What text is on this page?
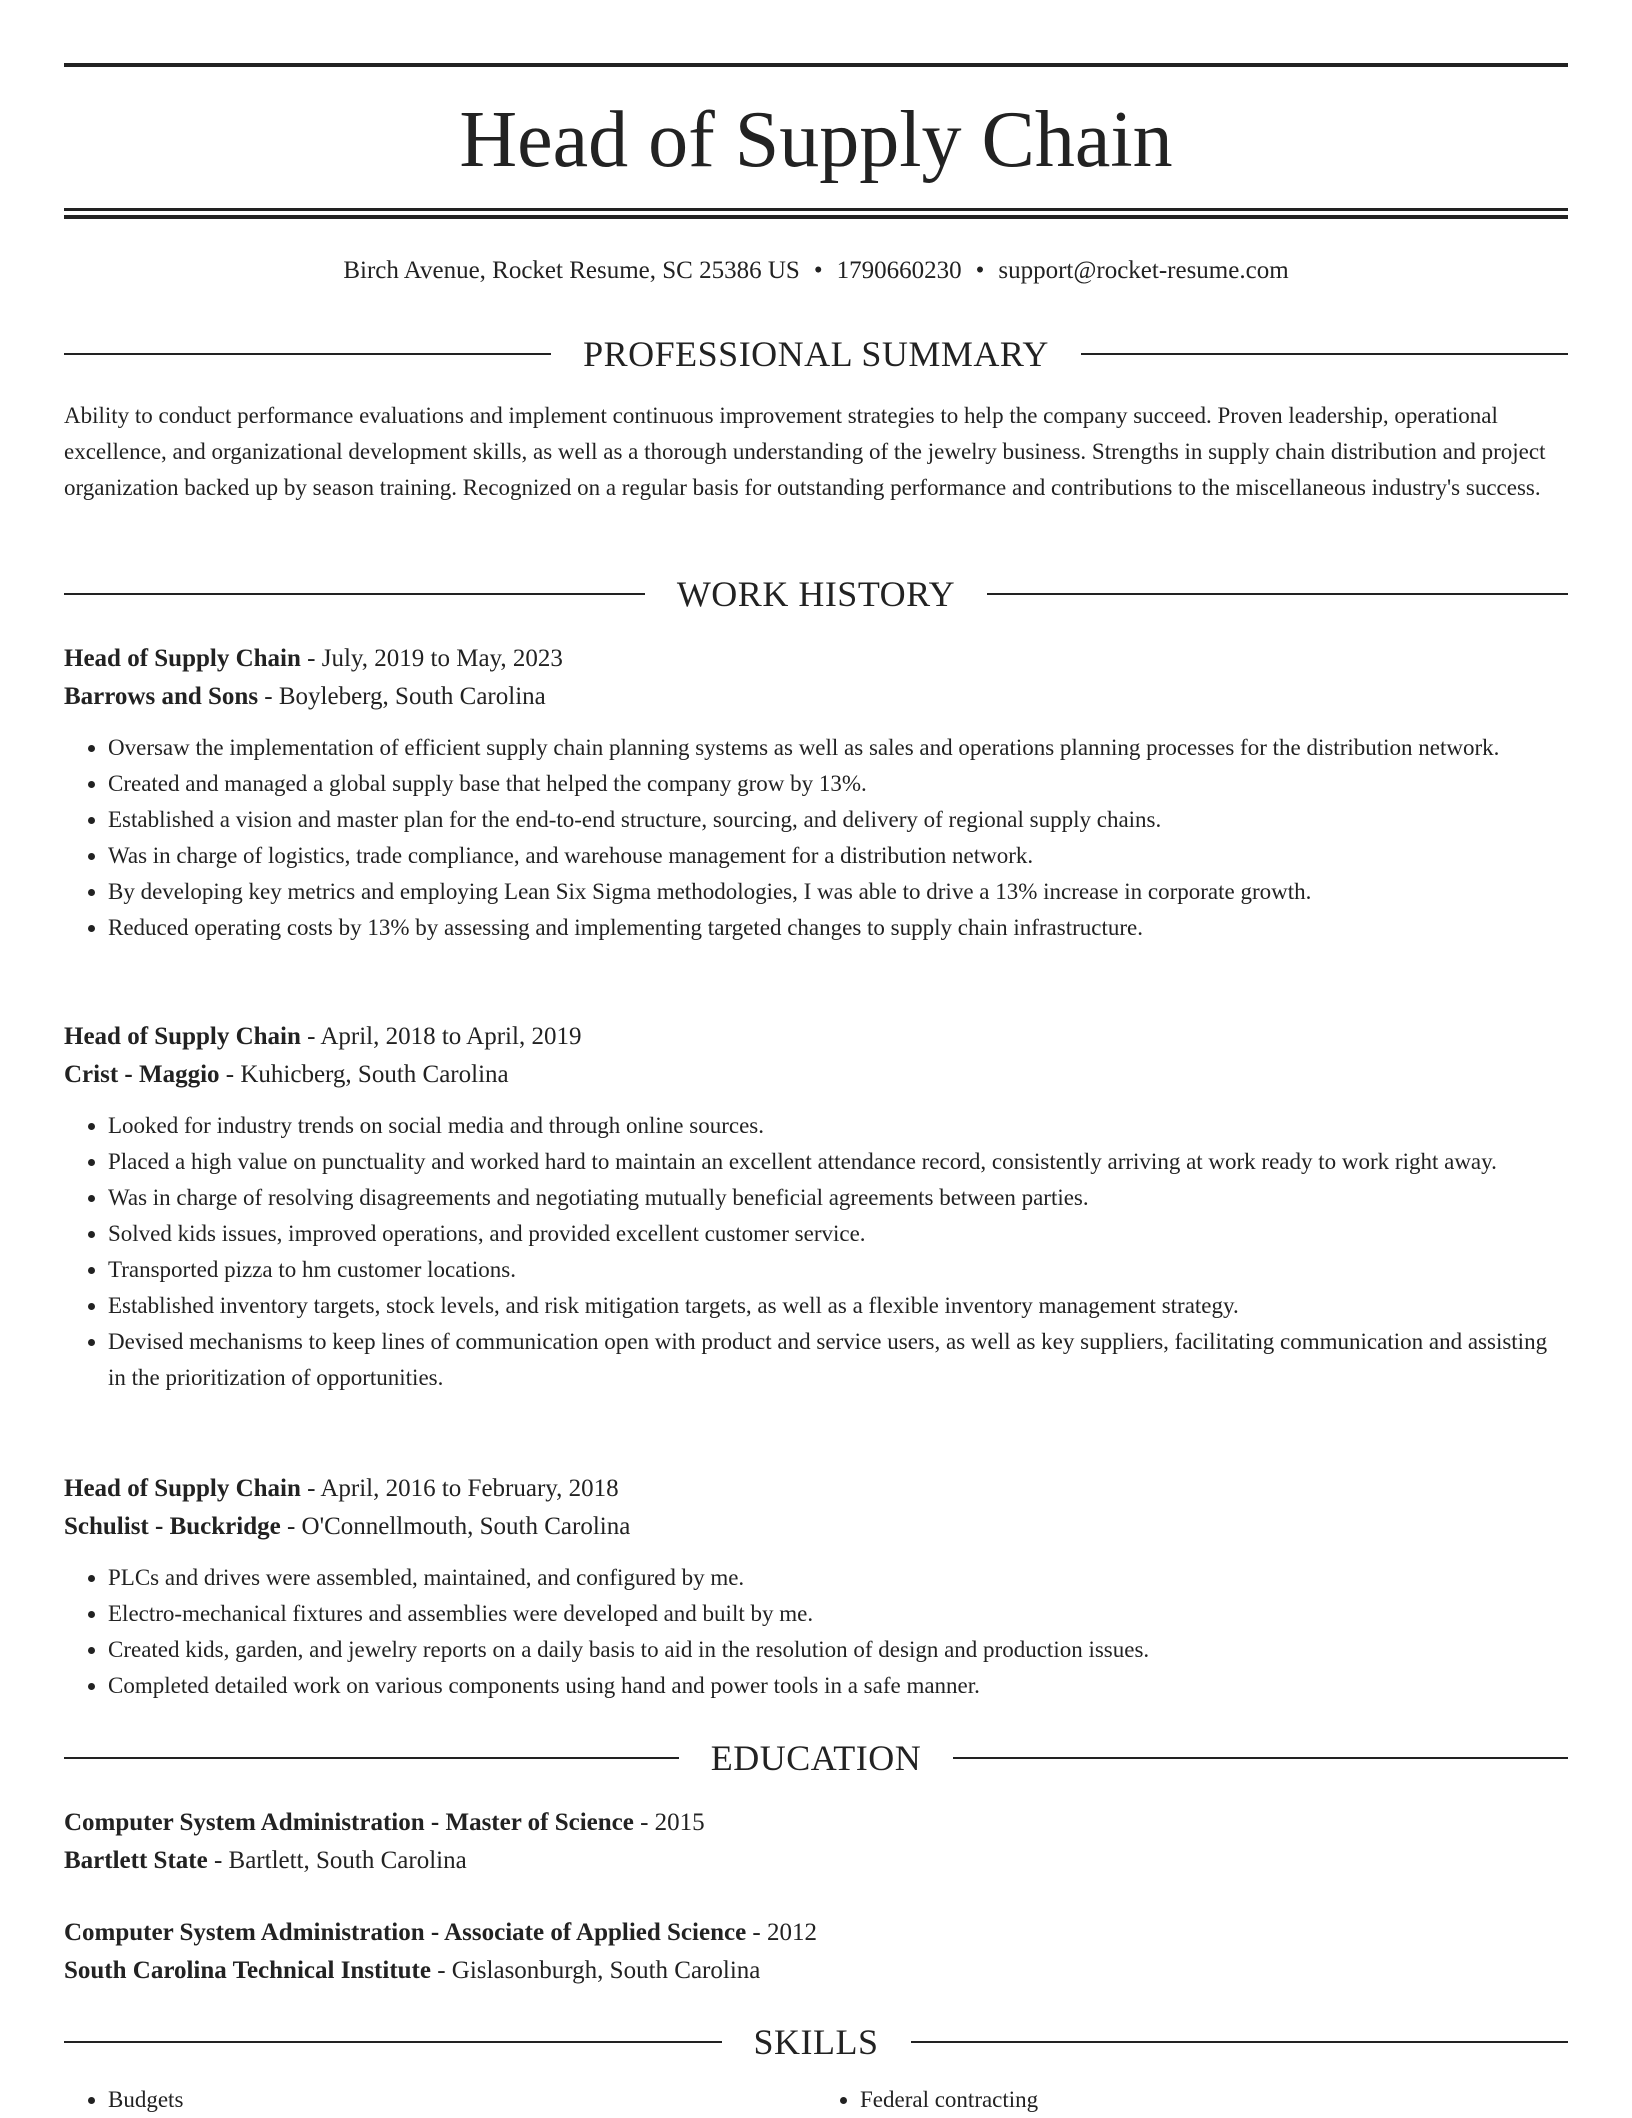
Head of Supply Chain
Birch Avenue, Rocket Resume, SC 25386 US • 1790660230 • support@rocket-resume.com
PROFESSIONAL SUMMARY

Ability to conduct performance evaluations and implement continuous improvement strategies to help the company succeed. Proven leadership, operational excellence, and organizational development skills, as well as a thorough understanding of the jewelry business. Strengths in supply chain distribution and project organization backed up by season training. Recognized on a regular basis for outstanding performance and contributions to the miscellaneous industry's success.

WORK HISTORY
Head of Supply Chain - July, 2019 to May, 2023
Barrows and Sons - Boyleberg, South Carolina
• Oversaw the implementation of efficient supply chain planning systems as well as sales and operations planning processes for the distribution network.
• Created and managed a global supply base that helped the company grow by 13%.
• Established a vision and master plan for the end-to-end structure, sourcing, and delivery of regional supply chains.
• Was in charge of logistics, trade compliance, and warehouse management for a distribution network.
• By developing key metrics and employing Lean Six Sigma methodologies, I was able to drive a 13% increase in corporate growth.
• Reduced operating costs by 13% by assessing and implementing targeted changes to supply chain infrastructure.
Head of Supply Chain - April, 2018 to April, 2019
Crist - Maggio - Kuhicberg, South Carolina
• Looked for industry trends on social media and through online sources.
• Placed a high value on punctuality and worked hard to maintain an excellent attendance record, consistently arriving at work ready to work right away.
• Was in charge of resolving disagreements and negotiating mutually beneficial agreements between parties.
• Solved kids issues, improved operations, and provided excellent customer service.
• Transported pizza to hm customer locations.
• Established inventory targets, stock levels, and risk mitigation targets, as well as a flexible inventory management strategy.
• Devised mechanisms to keep lines of communication open with product and service users, as well as key suppliers, facilitating communication and assisting in the prioritization of opportunities.
Head of Supply Chain - April, 2016 to February, 2018
Schulist - Buckridge - O'Connellmouth, South Carolina
• PLCs and drives were assembled, maintained, and configured by me.
• Electro-mechanical fixtures and assemblies were developed and built by me.
• Created kids, garden, and jewelry reports on a daily basis to aid in the resolution of design and production issues.
• Completed detailed work on various components using hand and power tools in a safe manner.
EDUCATION
Computer System Administration - Master of Science - 2015
Bartlett State - Bartlett, South Carolina
Computer System Administration - Associate of Applied Science - 2012
South Carolina Technical Institute - Gislasonburgh, South Carolina
SKILLS
• Budgets
•	Federal contracting
